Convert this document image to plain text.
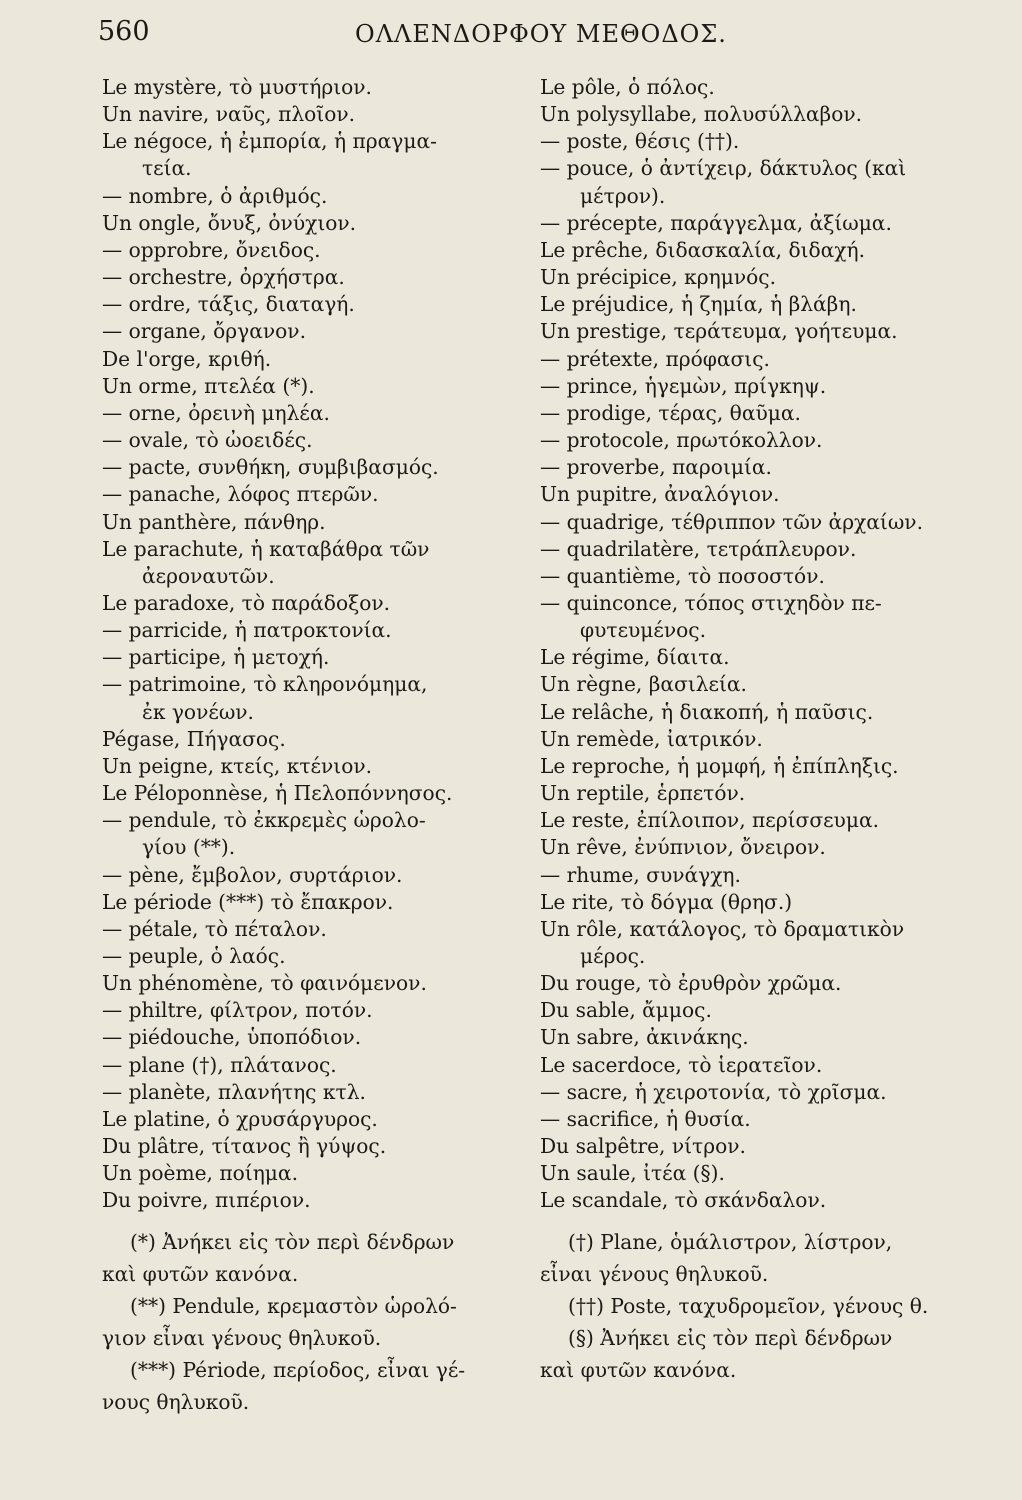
560	ΟΛΛΕΝΔΟΡΦΟΥ ΜΕΘΟΔΟΣ.
Le mystère, τὸ μυστήριον.
Un navire, ναῦς, πλοῖον.
Le négoce, ἡ ἐμπορία, ἡ πραγμα-
τεία.
— nombre, ὁ ἀριθμός.
Un ongle, ὄνυξ, ὀνύχιον.
— opprobre, ὄνειδος.
— orchestre, ὀρχήστρα.
— ordre, τάξις, διαταγή.
— organe, ὄργανον.
De l'orge, κριθή.
Un orme, πτελέα (*).
— orne, ὀρεινὴ μηλέα.
— ovale, τὸ ὠοειδές.
— pacte, συνθήκη, συμβιβασμός.
— panache, λόφος πτερῶν.
Un panthère, πάνθηρ.
Le parachute, ἡ καταβάθρα τῶν
ἀεροναυτῶν.
Le paradoxe, τὸ παράδοξον.
— parricide, ἡ πατροκτονία.
— participe, ἡ μετοχή.
— patrimoine, τὸ κληρονόμημα,
ἐκ γονέων.
Pégase, Πήγασος.
Un peigne, κτείς, κτένιον.
Le Péloponnèse, ἡ Πελοπόννησος.
— pendule, τὸ ἐκκρεμὲς ὡρολο-
γίου (**).
— pène, ἔμβολον, συρτάριον.
Le période (***) τὸ ἔπακρον.
— pétale, τὸ πέταλον.
— peuple, ὁ λαός.
Un phénomène, τὸ φαινόμενον.
— philtre, φίλτρον, ποτόν.
— piédouche, ὑποπόδιον.
— plane (†), πλάτανος.
— planète, πλανήτης κτλ.
Le platine, ὁ χρυσάργυρος.
Du plâtre, τίτανος ἢ γύψος.
Un poème, ποίημα.
Du poivre, πιπέριον.
Le pôle, ὁ πόλος.
Un polysyllabe, πολυσύλλαβον.
— poste, θέσις (††).
— pouce, ὁ ἀντίχειρ, δάκτυλος (καὶ
μέτρον).
— précepte, παράγγελμα, ἀξίωμα.
Le prêche, διδασκαλία, διδαχή.
Un précipice, κρημνός.
Le préjudice, ἡ ζημία, ἡ βλάβη.
Un prestige, τεράτευμα, γοήτευμα.
— prétexte, πρόφασις.
— prince, ἡγεμὼν, πρίγκηψ.
— prodige, τέρας, θαῦμα.
— protocole, πρωτόκολλον.
— proverbe, παροιμία.
Un pupitre, ἀναλόγιον.
— quadrige, τέθριππον τῶν ἀρχαίων.
— quadrilatère, τετράπλευρον.
— quantième, τὸ ποσοστόν.
— quinconce, τόπος στιχηδὸν πε-
φυτευμένος.
Le régime, δίαιτα.
Un règne, βασιλεία.
Le relâche, ἡ διακοπή, ἡ παῦσις.
Un remède, ἰατρικόν.
Le reproche, ἡ μομφή, ἡ ἐπίπληξις.
Un reptile, ἑρπετόν.
Le reste, ἐπίλοιπον, περίσσευμα.
Un rêve, ἐνύπνιον, ὄνειρον.
— rhume, συνάγχη.
Le rite, τὸ δόγμα (θρησ.)
Un rôle, κατάλογος, τὸ δραματικὸν
μέρος.
Du rouge, τὸ ἐρυθρὸν χρῶμα.
Du sable, ἄμμος.
Un sabre, ἀκινάκης.
Le sacerdoce, τὸ ἱερατεῖον.
— sacre, ἡ χειροτονία, τὸ χρῖσμα.
— sacrifice, ἡ θυσία.
Du salpêtre, νίτρον.
Un saule, ἰτέα (§).
Le scandale, τὸ σκάνδαλον.
(*) Ἀνήκει εἰς τὸν περὶ δένδρων
καὶ φυτῶν κανόνα.
(**) Pendule, κρεμαστὸν ὡρολό-
γιον εἶναι γένους θηλυκοῦ.
(***) Période, περίοδος, εἶναι γέ-
νους θηλυκοῦ.
(†) Plane, ὁμάλιστρον, λίστρον,
εἶναι γένους θηλυκοῦ.
(††) Poste, ταχυδρομεῖον, γένους θ.
(§) Ἀνήκει εἰς τὸν περὶ δένδρων
καὶ φυτῶν κανόνα.
